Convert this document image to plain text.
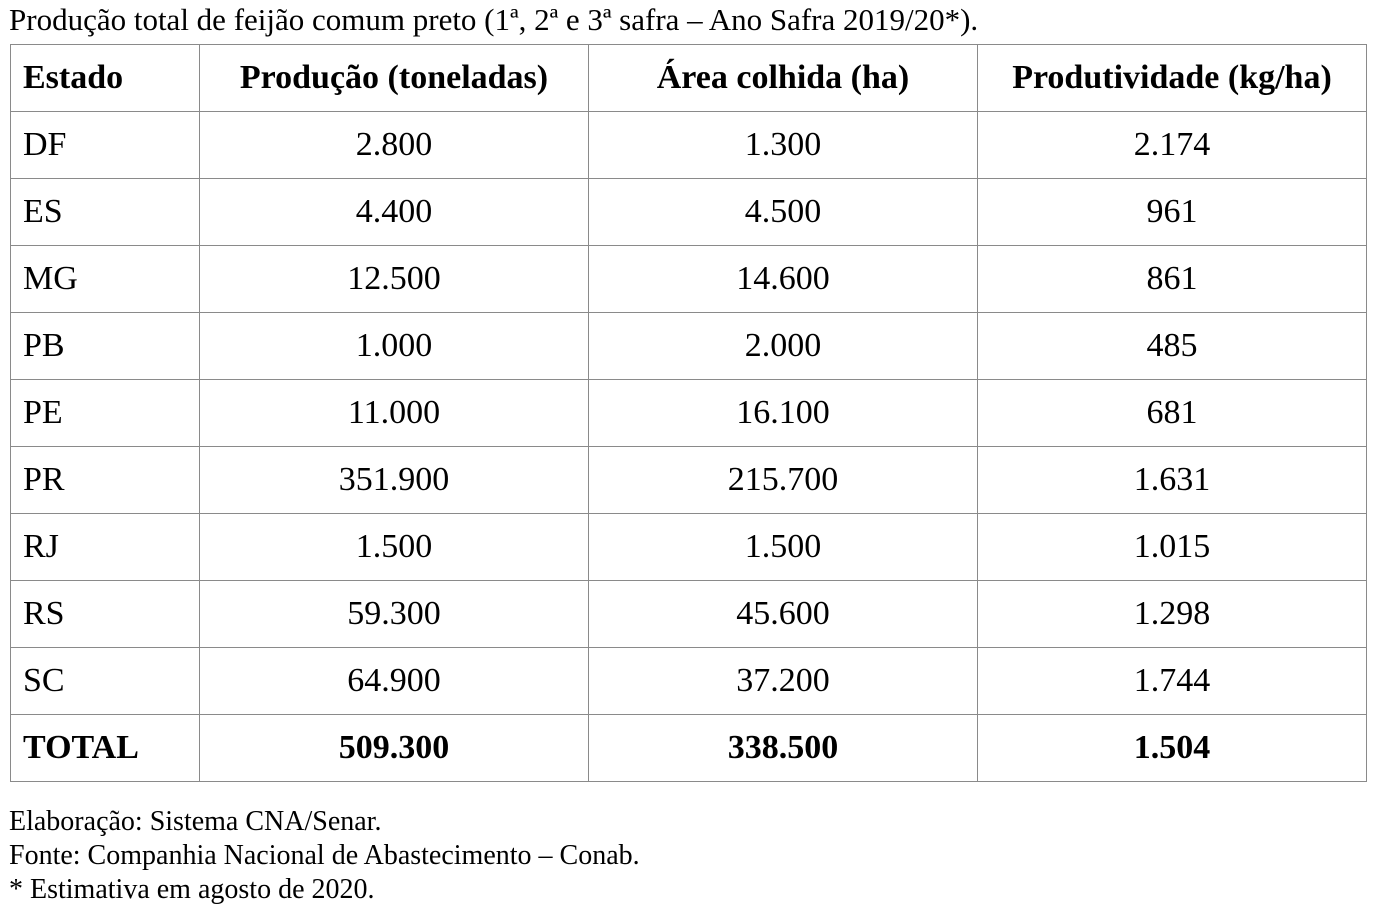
Produção total de feijão comum preto (1ª, 2ª e 3ª safra – Ano Safra 2019/20*).
Estado	Produção (toneladas)	Área colhida (ha)	Produtividade (kg/ha)
DF	2.800	1.300	2.174
ES	4.400	4.500	961
MG	12.500	14.600	861
PB	1.000	2.000	485
PE	11.000	16.100	681
PR	351.900	215.700	1.631
RJ	1.500	1.500	1.015
RS	59.300	45.600	1.298
SC	64.900	37.200	1.744
TOTAL	509.300	338.500	1.504
Elaboração: Sistema CNA/Senar.
Fonte: Companhia Nacional de Abastecimento – Conab.
* Estimativa em agosto de 2020.
